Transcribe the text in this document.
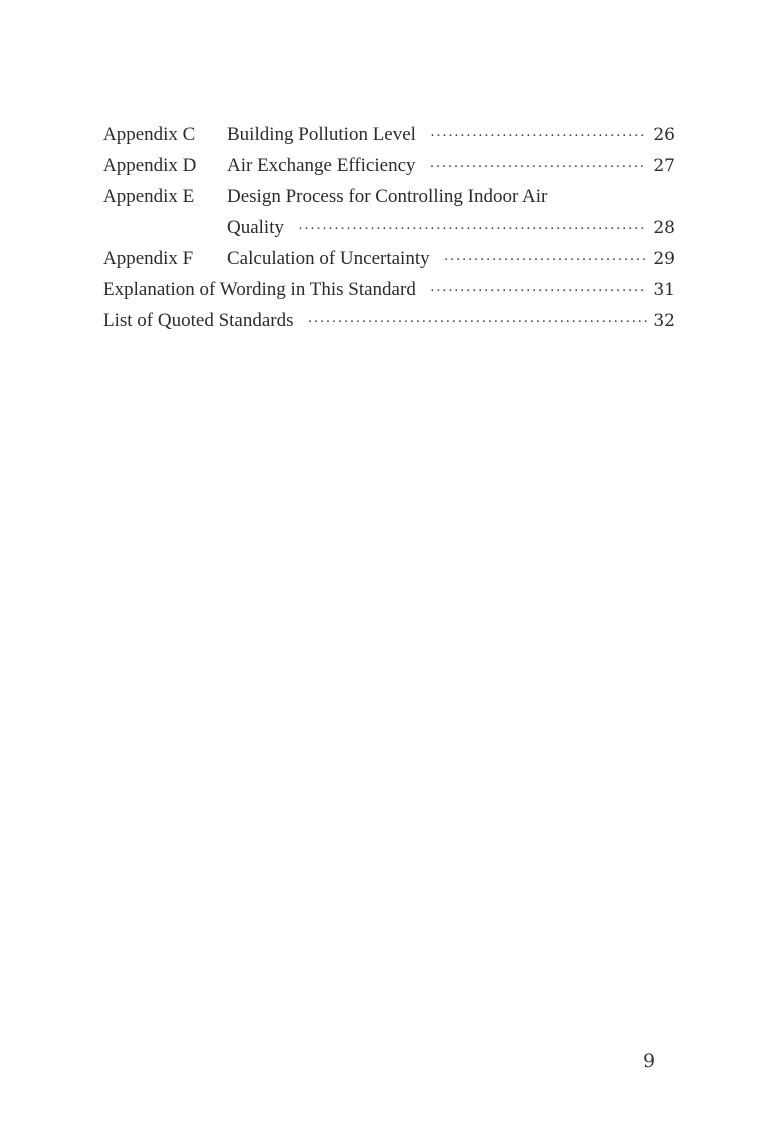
Appendix C	Building Pollution Level ·····	26
Appendix D	Air Exchange Efficiency ·····	27
Appendix E	Design Process for Controlling Indoor Air
Quality ·····	28
Appendix F	Calculation of Uncertainty ·····	29
Explanation of Wording in This Standard ·····	31
List of Quoted Standards ·····	32
9
